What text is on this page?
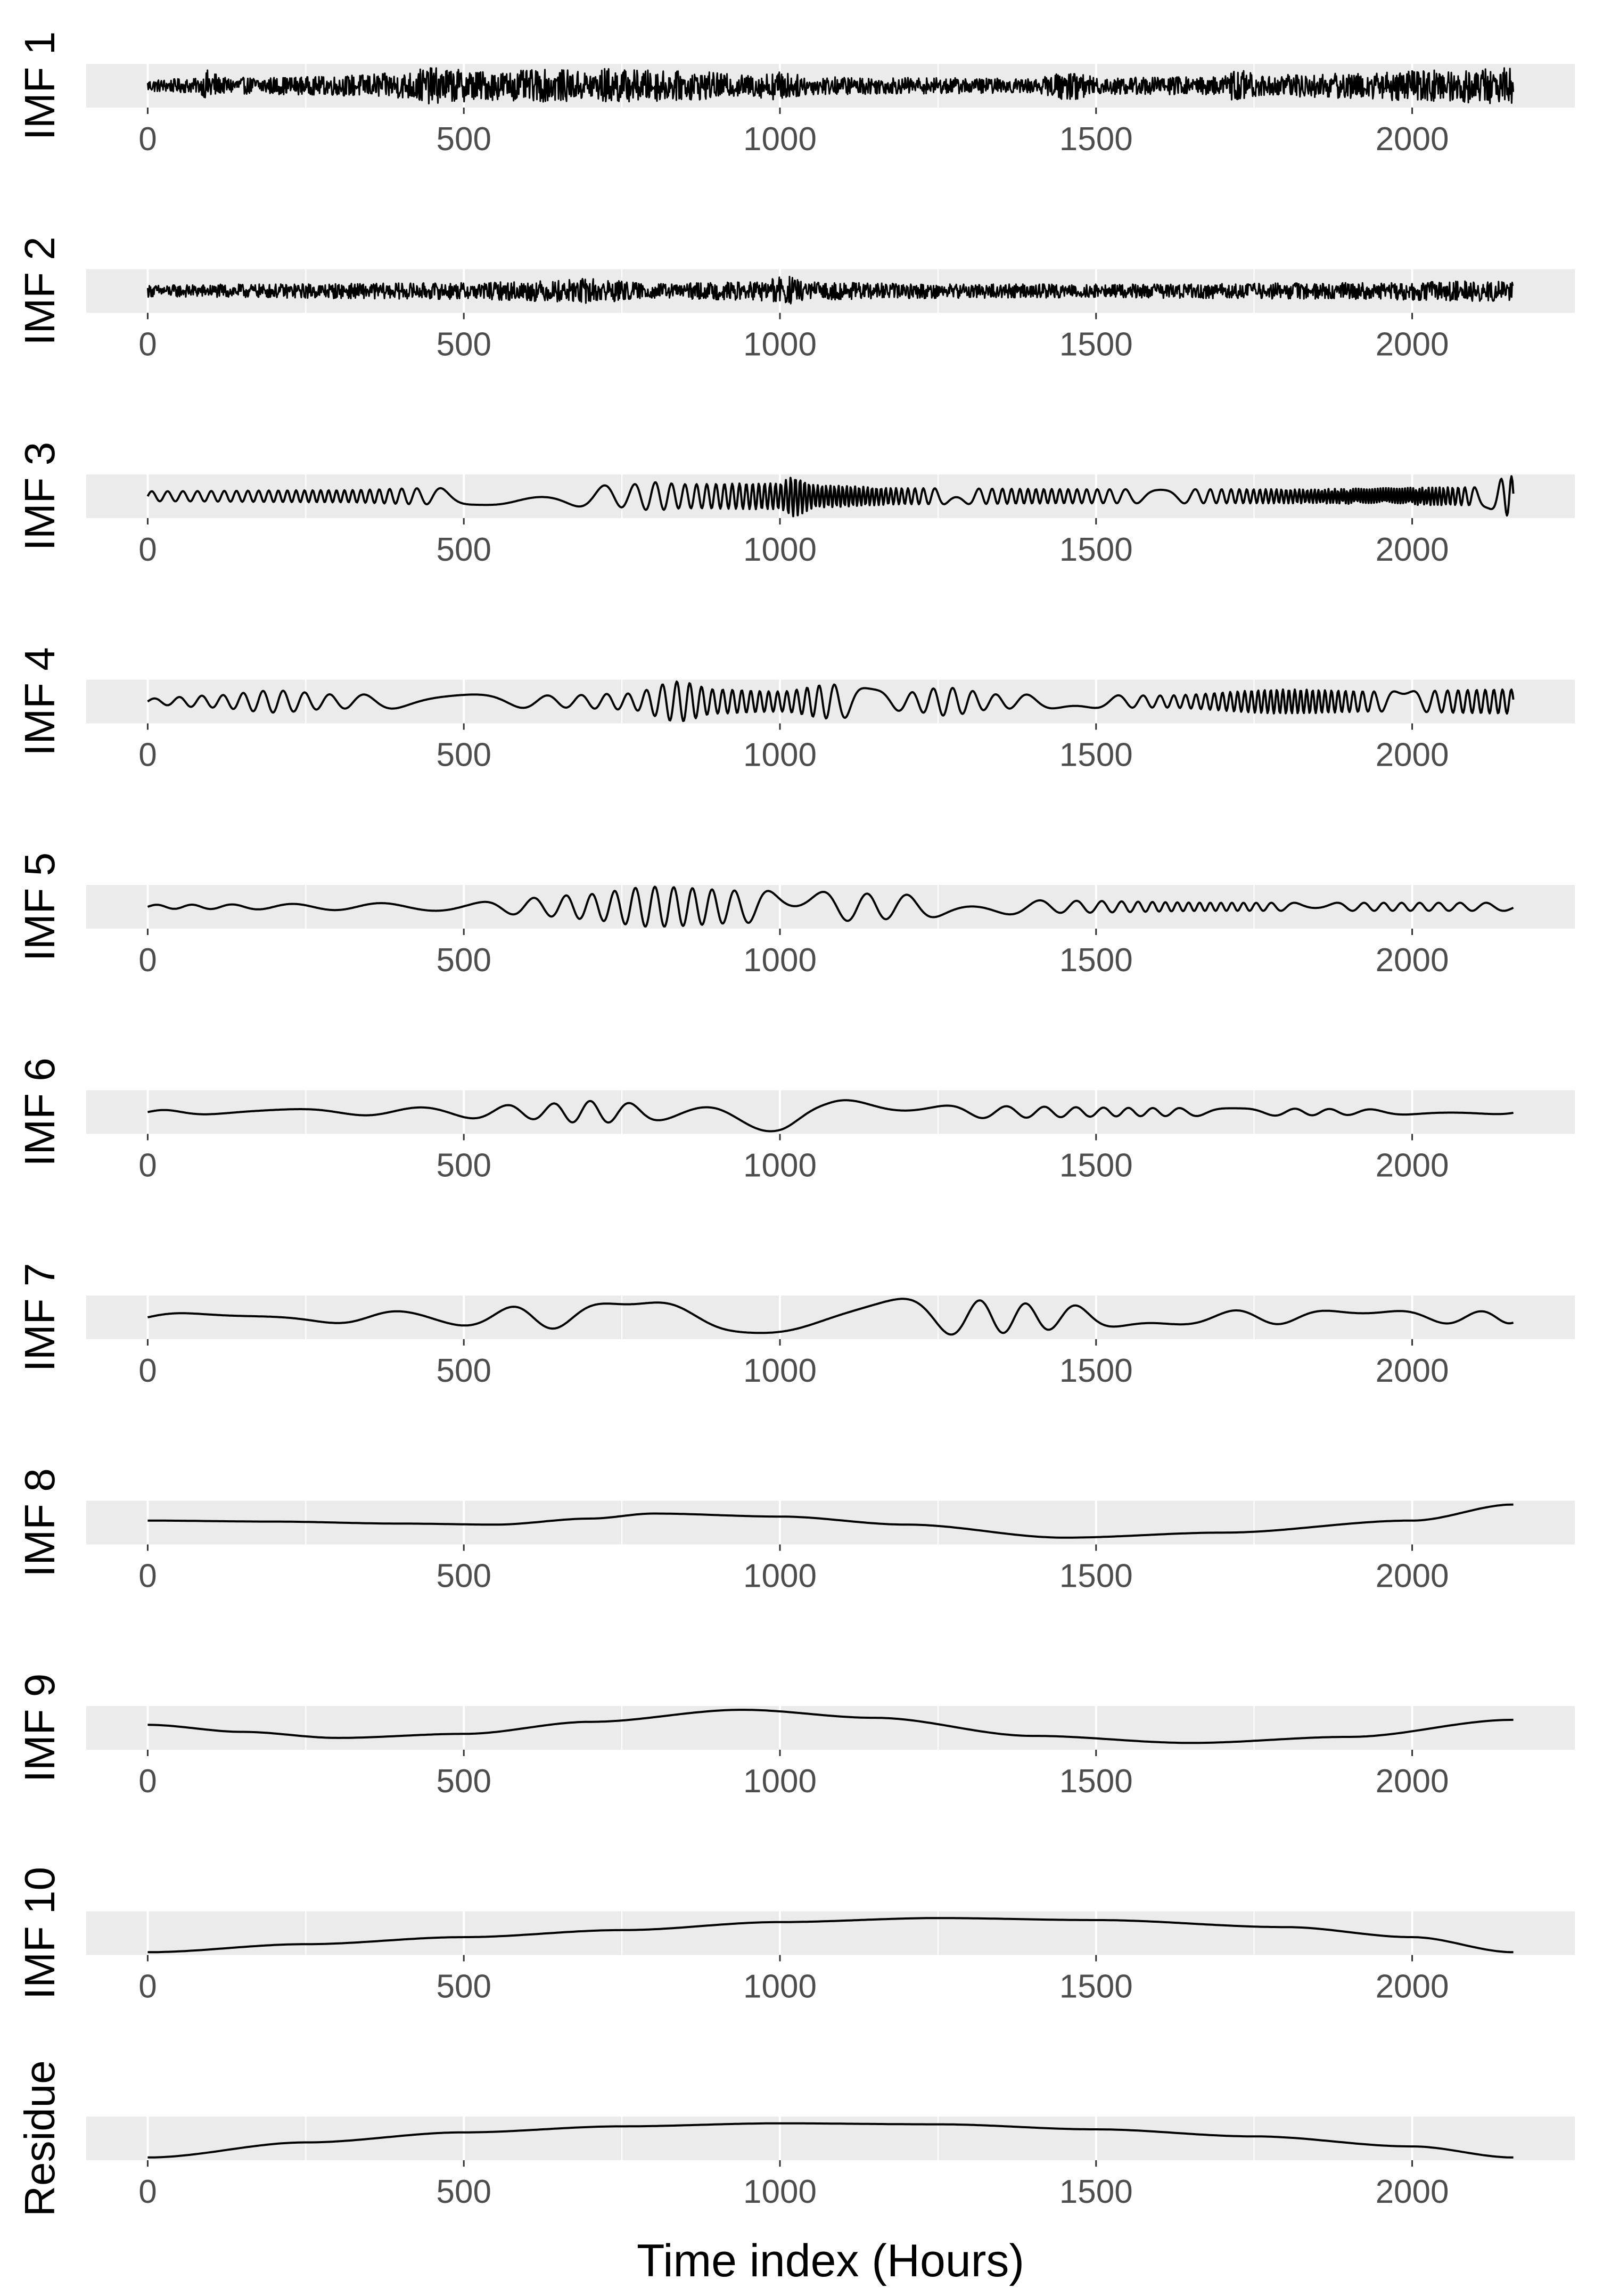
0	500	1000	1500	2000
IMF 1
0	500	1000	1500	2000
IMF 2
0	500	1000	1500	2000
IMF 3
0	500	1000	1500	2000
IMF 4
0	500	1000	1500	2000
IMF 5
0	500	1000	1500	2000
IMF 6
0	500	1000	1500	2000
IMF 7
0	500	1000	1500	2000
IMF 8
0	500	1000	1500	2000
IMF 9
0	500	1000	1500	2000
IMF 10
0	500	1000	1500	2000
Residue
Time index (Hours)
